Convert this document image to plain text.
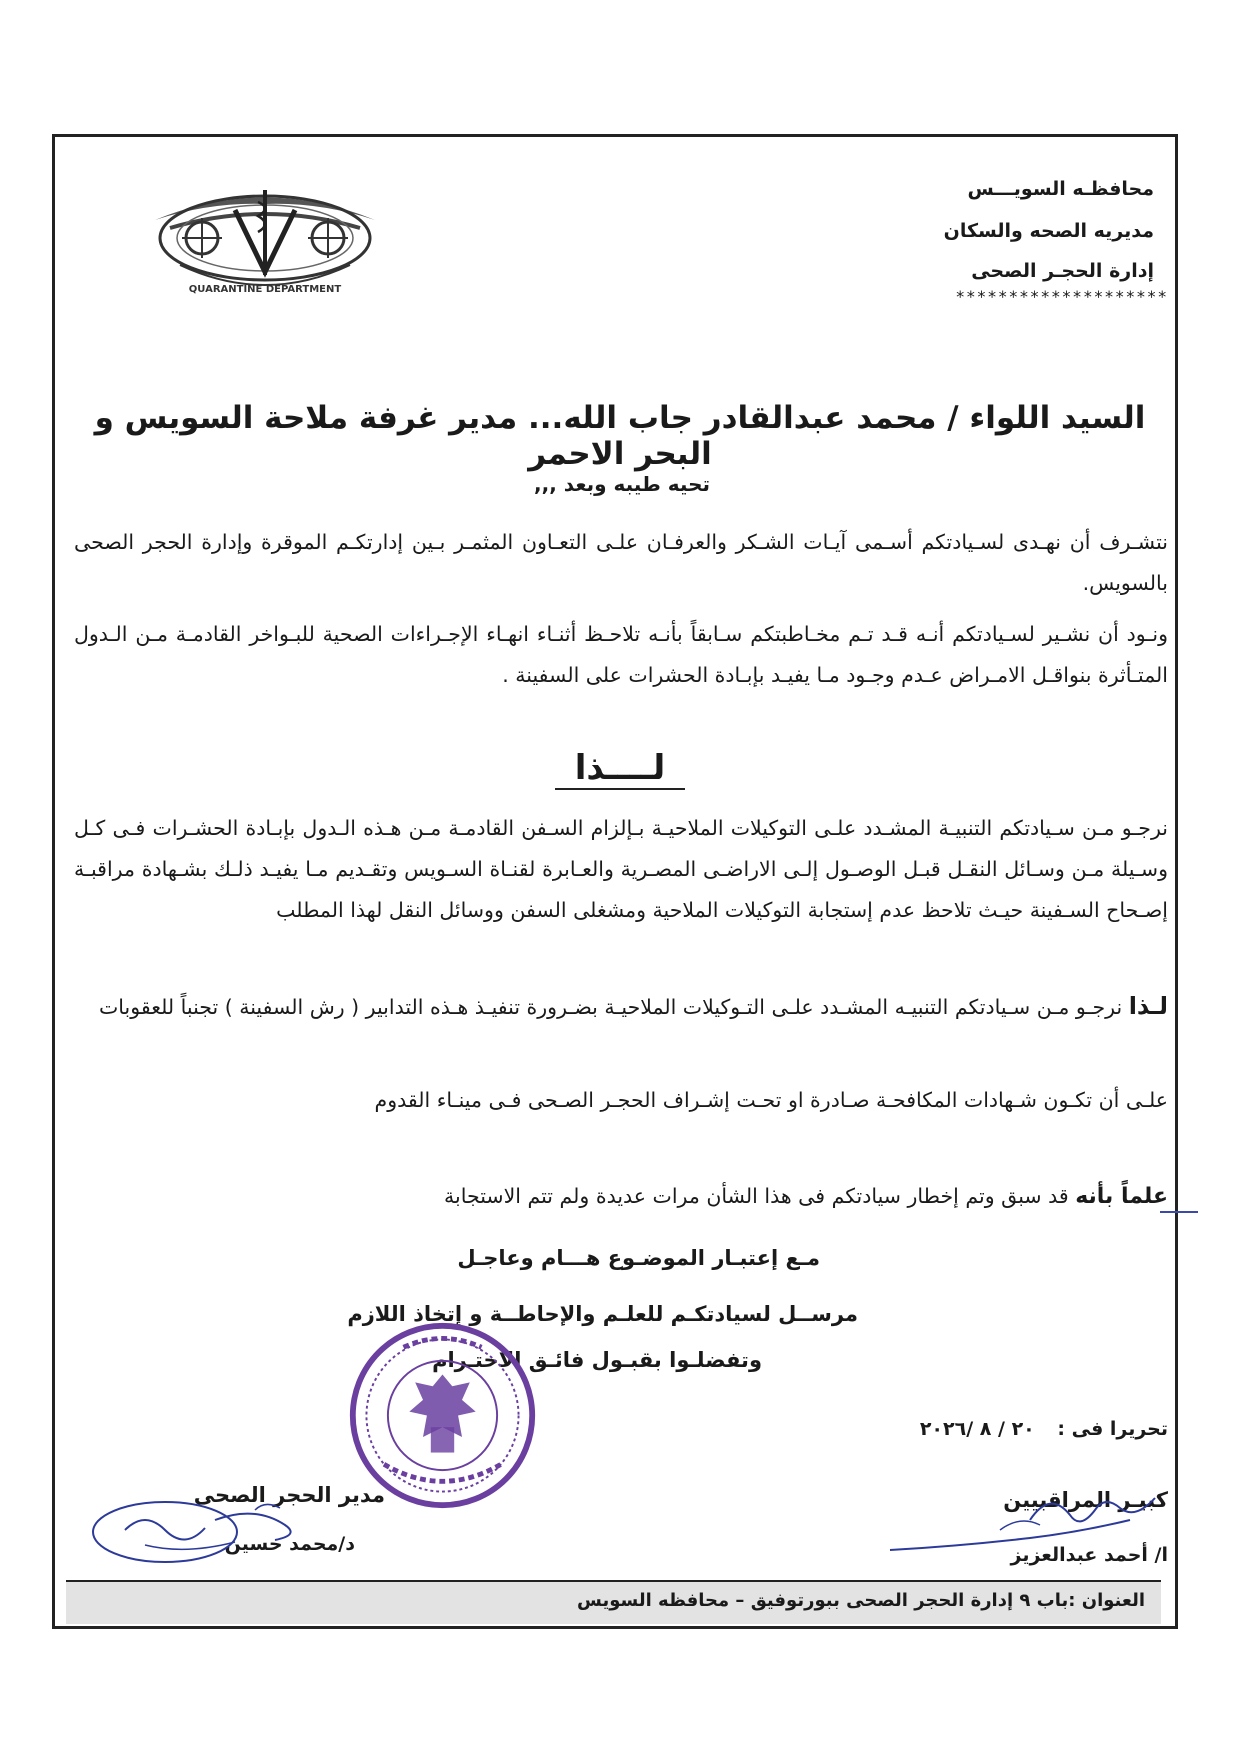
QUARANTINE DEPARTMENT
محافظـه السويـــس
مديريه الصحه والسكان
إدارة الحجـر الصحى
********************
السيد اللواء / محمد عبدالقادر جاب الله... مدير غرفة ملاحة السويس و البحر الاحمر
تحيه طيبه وبعد ,,,
نتشـرف أن نهـدى لسـيادتكم أسـمى آيـات الشـكر والعرفـان علـى التعـاون المثمـر بـين إدارتكـم الموقرة وإدارة الحجر الصحى بالسويس.
ونـود أن نشـير لسـيادتكم أنـه قـد تـم مخـاطبتكم سـابقاً بأنـه تلاحـظ أثنـاء انهـاء الإجـراءات الصحية للبـواخر القادمـة مـن الـدول المتـأثرة بنواقـل الامـراض عـدم وجـود مـا يفيـد بإبـادة الحشرات على السفينة .
لــــذا
نرجـو مـن سـيادتكم التنبيـة المشـدد علـى التوكيلات الملاحيـة بـإلزام السـفن القادمـة مـن هـذه الـدول بإبـادة الحشـرات فـى كـل وسـيلة مـن وسـائل النقـل قبـل الوصـول إلـى الاراضـى المصـرية والعـابرة لقنـاة السـويس وتقـديم مـا يفيـد ذلـك بشـهادة مراقبـة إصـحاح السـفينة حيـث تلاحظ عدم إستجابة التوكيلات الملاحية ومشغلى السفن ووسائل النقل لهذا المطلب
لـذا نرجـو مـن سـيادتكم التنبيـه المشـدد علـى التـوكيلات الملاحيـة بضـرورة تنفيـذ هـذه التدابير ( رش السفينة ) تجنباً للعقوبات
علـى أن تكـون شـهادات المكافحـة صـادرة او تحـت إشـراف الحجـر الصـحى فـى مينـاء القدوم
علماً بأنه قد سبق وتم إخطار سيادتكم فى هذا الشأن مرات عديدة ولم تتم الاستجابة
مـع إعتبـار الموضـوع هـــام وعاجـل
مرســل لسيادتكـم للعلـم والإحاطــة و إتخاذ اللازم
وتفضلـوا بقبـول فائـق الاحتـرام
تحريرا فى : ٢٠ / ٨ /٢٠٢٦
مدير الحجر الصحى
د/محمد حسين
كبيـر المراقبيين
ا/ أحمد عبدالعزيز
العنوان :باب ٩ إدارة الحجر الصحى ببورتوفيق – محافظه السويس
